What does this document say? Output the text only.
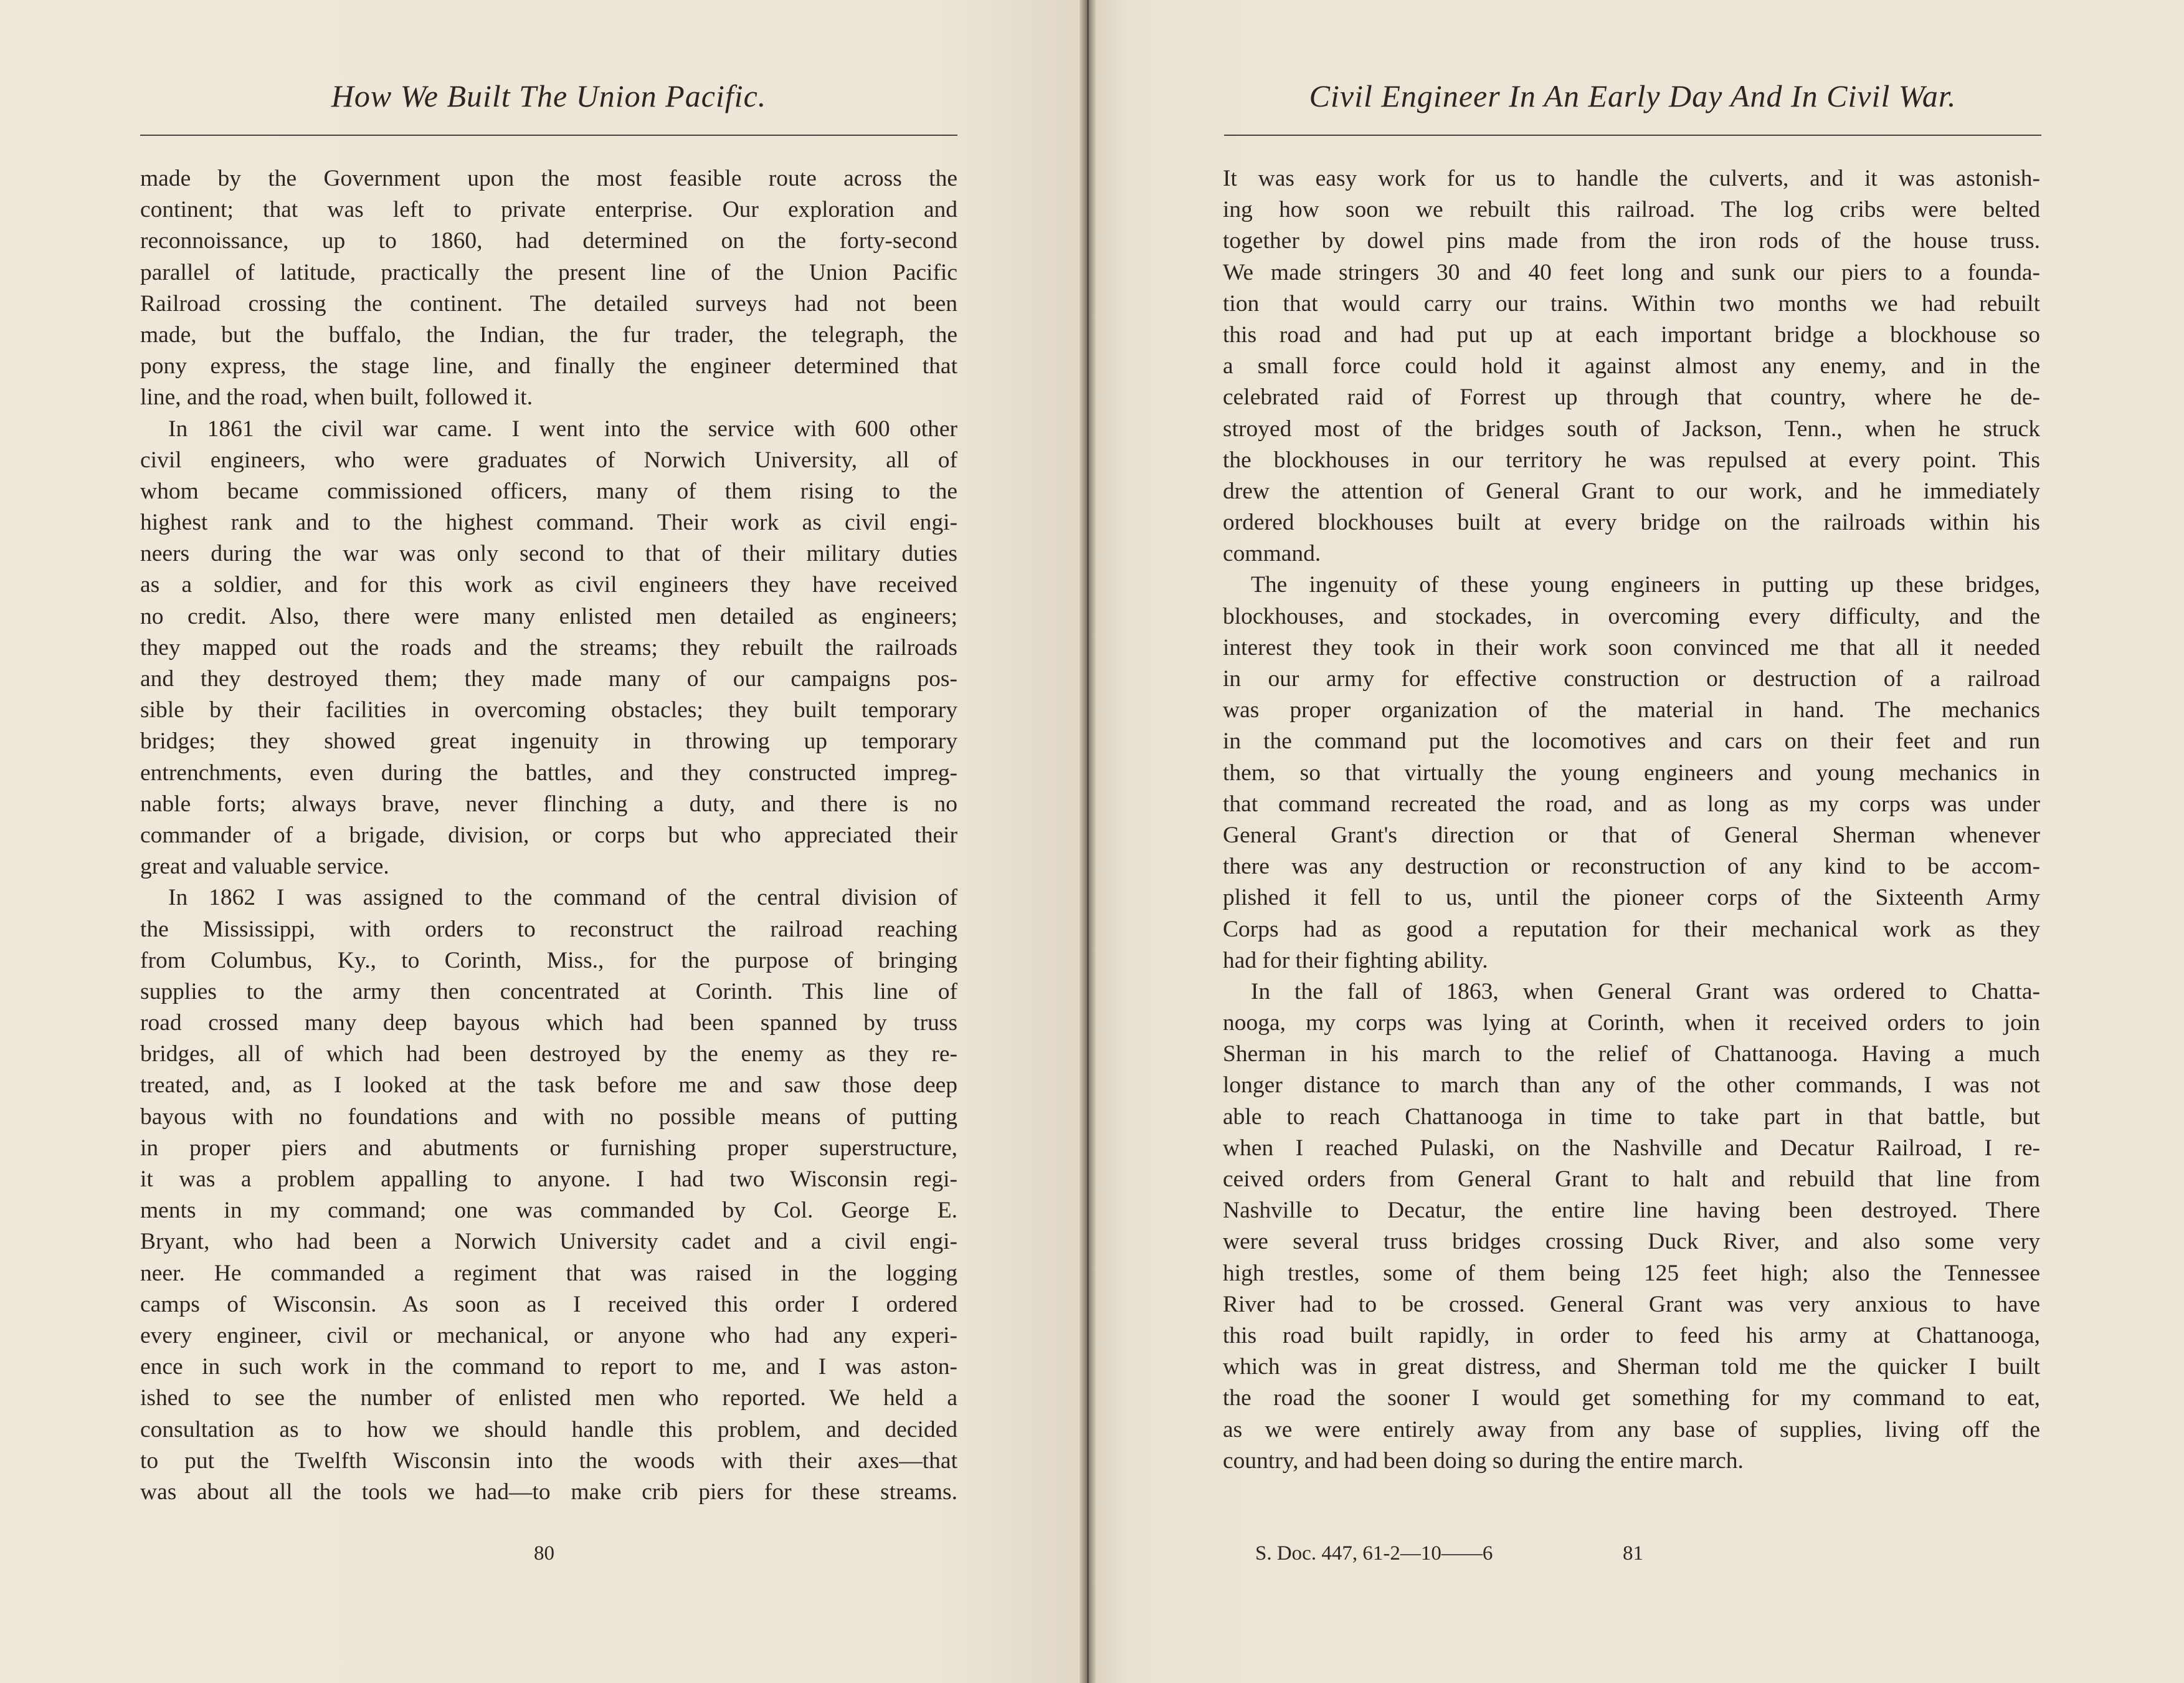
How We Built The Union Pacific.
made by the Government upon the most feasible route across the
continent; that was left to private enterprise. Our exploration and
reconnoissance, up to 1860, had determined on the forty-second
parallel of latitude, practically the present line of the Union Pacific
Railroad crossing the continent. The detailed surveys had not been
made, but the buffalo, the Indian, the fur trader, the telegraph, the
pony express, the stage line, and finally the engineer determined that
line, and the road, when built, followed it.
In 1861 the civil war came. I went into the service with 600 other
civil engineers, who were graduates of Norwich University, all of
whom became commissioned officers, many of them rising to the
highest rank and to the highest command. Their work as civil engi-
neers during the war was only second to that of their military duties
as a soldier, and for this work as civil engineers they have received
no credit. Also, there were many enlisted men detailed as engineers;
they mapped out the roads and the streams; they rebuilt the railroads
and they destroyed them; they made many of our campaigns pos-
sible by their facilities in overcoming obstacles; they built temporary
bridges; they showed great ingenuity in throwing up temporary
entrenchments, even during the battles, and they constructed impreg-
nable forts; always brave, never flinching a duty, and there is no
commander of a brigade, division, or corps but who appreciated their
great and valuable service.
In 1862 I was assigned to the command of the central division of
the Mississippi, with orders to reconstruct the railroad reaching
from Columbus, Ky., to Corinth, Miss., for the purpose of bringing
supplies to the army then concentrated at Corinth. This line of
road crossed many deep bayous which had been spanned by truss
bridges, all of which had been destroyed by the enemy as they re-
treated, and, as I looked at the task before me and saw those deep
bayous with no foundations and with no possible means of putting
in proper piers and abutments or furnishing proper superstructure,
it was a problem appalling to anyone. I had two Wisconsin regi-
ments in my command; one was commanded by Col. George E.
Bryant, who had been a Norwich University cadet and a civil engi-
neer. He commanded a regiment that was raised in the logging
camps of Wisconsin. As soon as I received this order I ordered
every engineer, civil or mechanical, or anyone who had any experi-
ence in such work in the command to report to me, and I was aston-
ished to see the number of enlisted men who reported. We held a
consultation as to how we should handle this problem, and decided
to put the Twelfth Wisconsin into the woods with their axes—that
was about all the tools we had—to make crib piers for these streams.
80
Civil Engineer In An Early Day And In Civil War.
It was easy work for us to handle the culverts, and it was astonish-
ing how soon we rebuilt this railroad. The log cribs were belted
together by dowel pins made from the iron rods of the house truss.
We made stringers 30 and 40 feet long and sunk our piers to a founda-
tion that would carry our trains. Within two months we had rebuilt
this road and had put up at each important bridge a blockhouse so
a small force could hold it against almost any enemy, and in the
celebrated raid of Forrest up through that country, where he de-
stroyed most of the bridges south of Jackson, Tenn., when he struck
the blockhouses in our territory he was repulsed at every point. This
drew the attention of General Grant to our work, and he immediately
ordered blockhouses built at every bridge on the railroads within his
command.
The ingenuity of these young engineers in putting up these bridges,
blockhouses, and stockades, in overcoming every difficulty, and the
interest they took in their work soon convinced me that all it needed
in our army for effective construction or destruction of a railroad
was proper organization of the material in hand. The mechanics
in the command put the locomotives and cars on their feet and run
them, so that virtually the young engineers and young mechanics in
that command recreated the road, and as long as my corps was under
General Grant's direction or that of General Sherman whenever
there was any destruction or reconstruction of any kind to be accom-
plished it fell to us, until the pioneer corps of the Sixteenth Army
Corps had as good a reputation for their mechanical work as they
had for their fighting ability.
In the fall of 1863, when General Grant was ordered to Chatta-
nooga, my corps was lying at Corinth, when it received orders to join
Sherman in his march to the relief of Chattanooga. Having a much
longer distance to march than any of the other commands, I was not
able to reach Chattanooga in time to take part in that battle, but
when I reached Pulaski, on the Nashville and Decatur Railroad, I re-
ceived orders from General Grant to halt and rebuild that line from
Nashville to Decatur, the entire line having been destroyed. There
were several truss bridges crossing Duck River, and also some very
high trestles, some of them being 125 feet high; also the Tennessee
River had to be crossed. General Grant was very anxious to have
this road built rapidly, in order to feed his army at Chattanooga,
which was in great distress, and Sherman told me the quicker I built
the road the sooner I would get something for my command to eat,
as we were entirely away from any base of supplies, living off the
country, and had been doing so during the entire march.
S. Doc. 447, 61-2—10——6	81
